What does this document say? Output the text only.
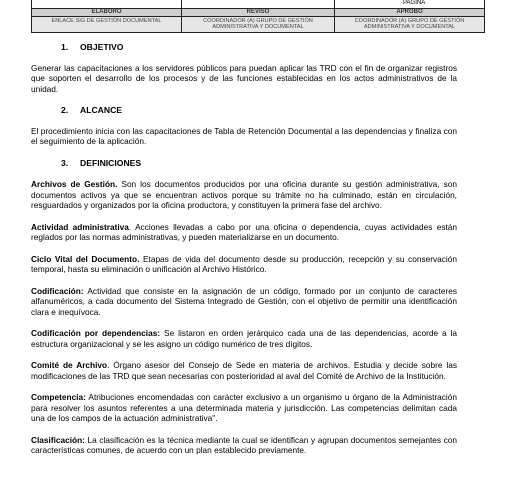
		PAGINA
ELABORO	REVISO	APROBO
ENLACE SIG DE GESTIÓN DOCUMENTAL	COORDINADOR (A) GRUPO DE GESTIÓN ADMINISTRATIVA Y DOCUMENTAL	COORDINADOR (A) GRUPO DE GESTIÓN ADMINISTRATIVA Y DOCUMENTAL
1. OBJETIVO

Generar las capacitaciones a los servidores públicos para puedan aplicar las TRD con el fin de organizar registros que soporten el desarrollo de los procesos y de las funciones establecidas en los actos administrativos de la unidad.

2. ALCANCE

El procedimiento inicia con las capacitaciones de Tabla de Retención Documental a las dependencias y finaliza con el seguimiento de la aplicación.

3. DEFINICIONES

Archivos de Gestión. Son los documentos producidos por una oficina durante su gestión administrativa, son documentos activos ya que se encuentran activos porque su trámite no ha culminado, están en circulación, resguardados y organizados por la oficina productora, y constituyen la primera fase del archivo.

Actividad administrativa. Acciones llevadas a cabo por una oficina o dependencia, cuyas actividades están reglados por las normas administrativas, y pueden materializarse en un documento.

Ciclo Vital del Documento. Etapas de vida del documento desde su producción, recepción y su conservación temporal, hasta su eliminación o unificación al Archivo Histórico.

Codificación: Actividad que consiste en la asignación de un código, formado por un conjunto de caracteres alfanuméricos, a cada documento del Sistema Integrado de Gestión, con el objetivo de permitir una identificación clara e inequívoca.

Codificación por dependencias: Se listaron en orden jerárquico cada una de las dependencias, acorde a la estructura organizacional y se les asigno un código numérico de tres dígitos.

Comité de Archivo. Órgano asesor del Consejo de Sede en materia de archivos. Estudia y decide sobre las modificaciones de las TRD que sean necesarias con posterioridad al aval del Comité de Archivo de la Institución.

Competencia: Atribuciones encomendadas con carácter exclusivo a un organismo u órgano de la Administración para resolver los asuntos referentes a una determinada materia y jurisdicción. Las competencias delimitan cada una de los campos de la actuación administrativa".

Clasificación: La clasificación es la técnica mediante la cual se identifican y agrupan documentos semejantes con características comunes, de acuerdo con un plan establecido previamente.
